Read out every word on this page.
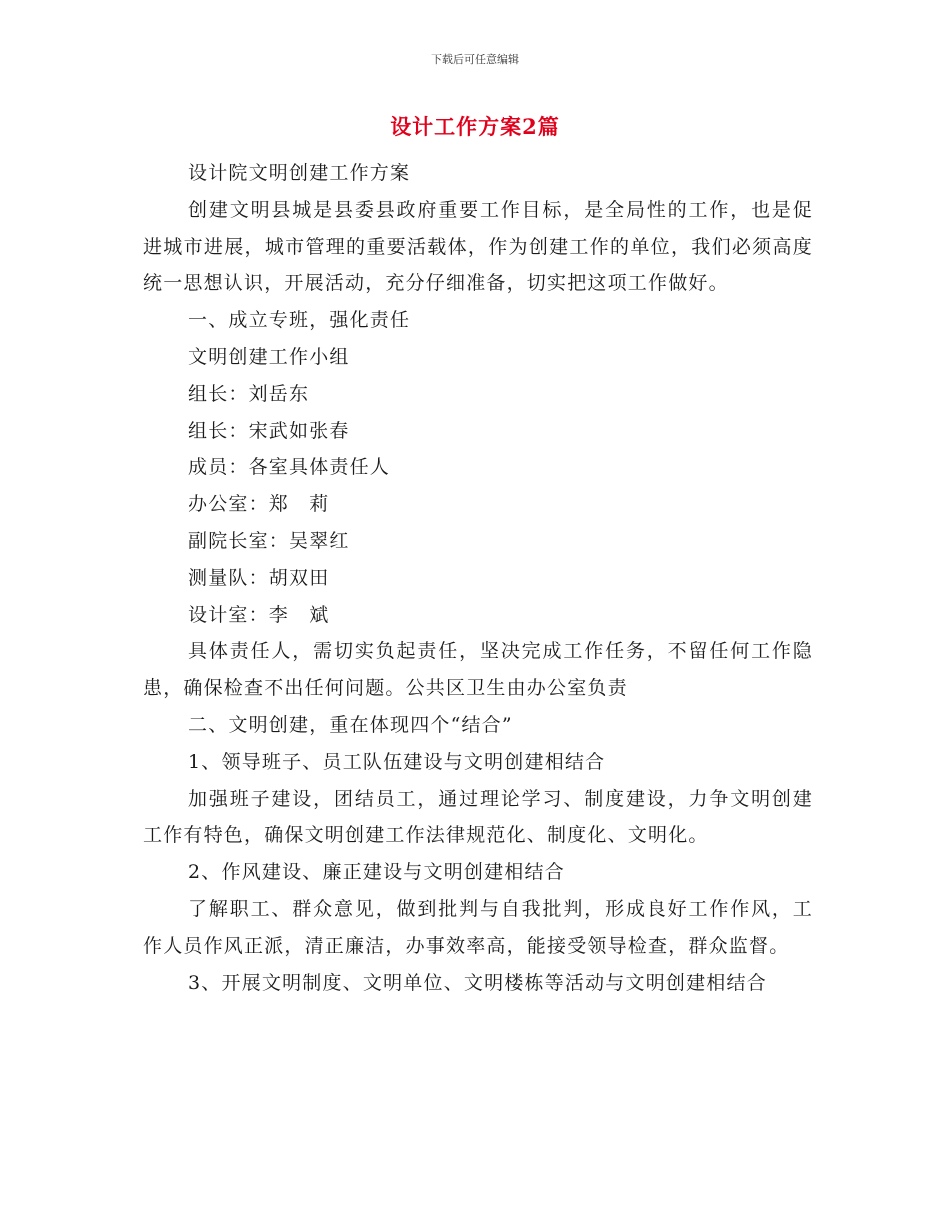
下载后可任意编辑
设计工作方案2篇

设计院文明创建工作方案

创建文明县城是县委县政府重要工作目标，是全局性的工作，也是促进城市进展，城市管理的重要活载体，作为创建工作的单位，我们必须高度统一思想认识，开展活动，充分仔细准备，切实把这项工作做好。

一、成立专班，强化责任

文明创建工作小组

组长：刘岳东

组长：宋武如张春

成员：各室具体责任人

办公室：郑　莉

副院长室：吴翠红

测量队：胡双田

设计室：李　斌

具体责任人，需切实负起责任，坚决完成工作任务，不留任何工作隐患，确保检查不出任何问题。公共区卫生由办公室负责

二、文明创建，重在体现四个“结合”

1、领导班子、员工队伍建设与文明创建相结合

加强班子建设，团结员工，通过理论学习、制度建设，力争文明创建工作有特色，确保文明创建工作法律规范化、制度化、文明化。

2、作风建设、廉正建设与文明创建相结合

了解职工、群众意见，做到批判与自我批判，形成良好工作作风，工作人员作风正派，清正廉洁，办事效率高，能接受领导检查，群众监督。

3、开展文明制度、文明单位、文明楼栋等活动与文明创建相结合
